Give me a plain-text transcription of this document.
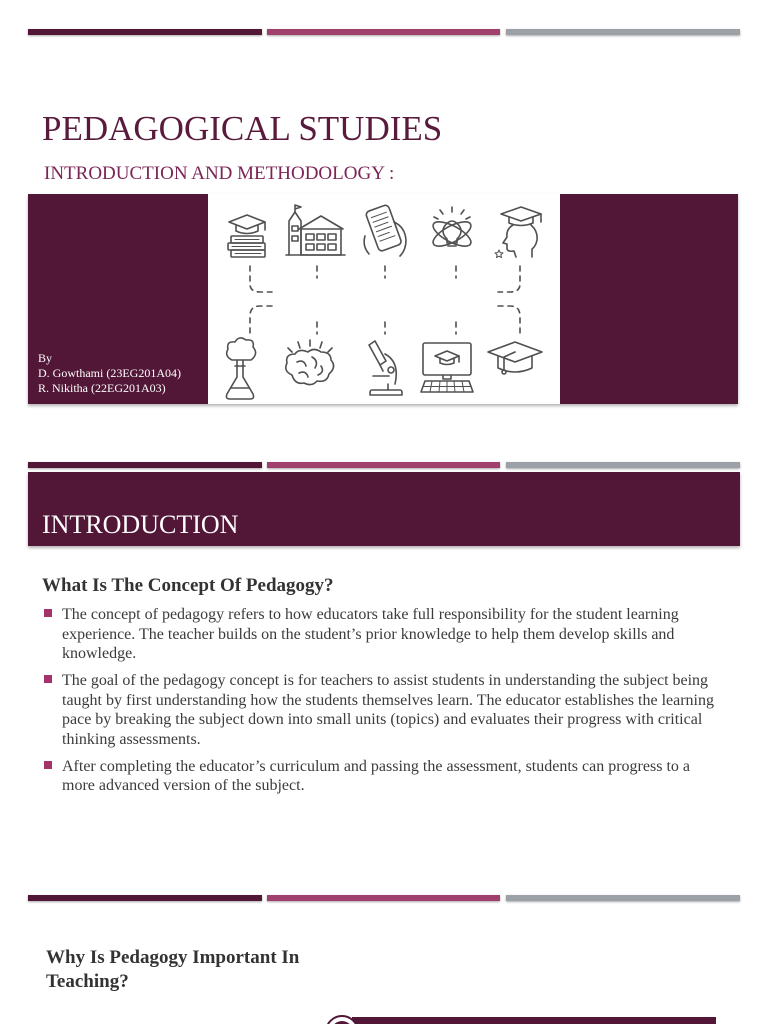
PEDAGOGICAL STUDIES
INTRODUCTION AND METHODOLOGY :
By
D. Gowthami (23EG201A04)
R. Nikitha (22EG201A03)
INTRODUCTION
What Is The Concept Of Pedagogy?
The concept of pedagogy refers to how educators take full responsibility for the student learning experience. The teacher builds on the student’s prior knowledge to help them develop skills and knowledge.
The goal of the pedagogy concept is for teachers to assist students in understanding the subject being taught by first understanding how the students themselves learn. The educator establishes the learning pace by breaking the subject down into small units (topics) and evaluates their progress with critical thinking assessments.
After completing the educator’s curriculum and passing the assessment, students can progress to a more advanced version of the subject.
Why Is Pedagogy Important In Teaching?
